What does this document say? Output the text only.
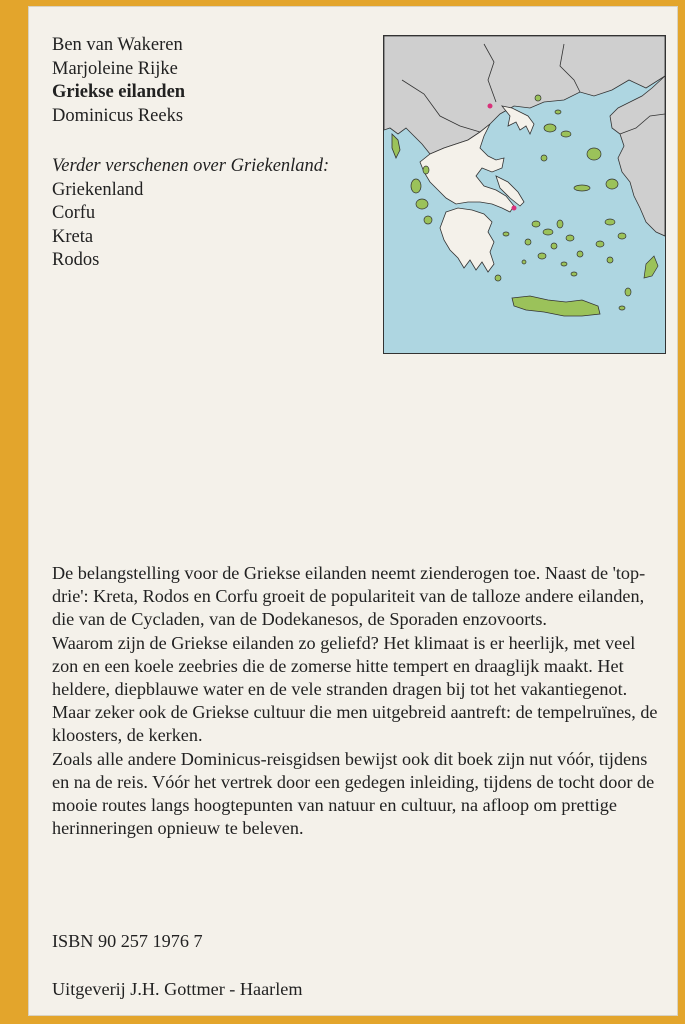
Ben van Wakeren
Marjoleine Rijke
Griekse eilanden
Dominicus Reeks
Verder verschenen over Griekenland:
Griekenland
Corfu
Kreta
Rodos

De belangstelling voor de Griekse eilanden neemt zienderogen toe. Naast de 'top-drie': Kreta, Rodos en Corfu groeit de populariteit van de talloze andere eilanden, die van de Cycladen, van de Dodekanesos, de Sporaden enzovoorts.

Waarom zijn de Griekse eilanden zo geliefd? Het klimaat is er heerlijk, met veel zon en een koele zeebries die de zomerse hitte tempert en draaglijk maakt. Het heldere, diepblauwe water en de vele stranden dragen bij tot het vakantiegenot. Maar zeker ook de Griekse cultuur die men uitgebreid aantreft: de tempelruïnes, de kloosters, de kerken.

Zoals alle andere Dominicus-reisgidsen bewijst ook dit boek zijn nut vóór, tijdens en na de reis. Vóór het vertrek door een gedegen inleiding, tijdens de tocht door de mooie routes langs hoogtepunten van natuur en cultuur, na afloop om prettige herinneringen opnieuw te beleven.

ISBN 90 257 1976 7
Uitgeverij J.H. Gottmer - Haarlem
